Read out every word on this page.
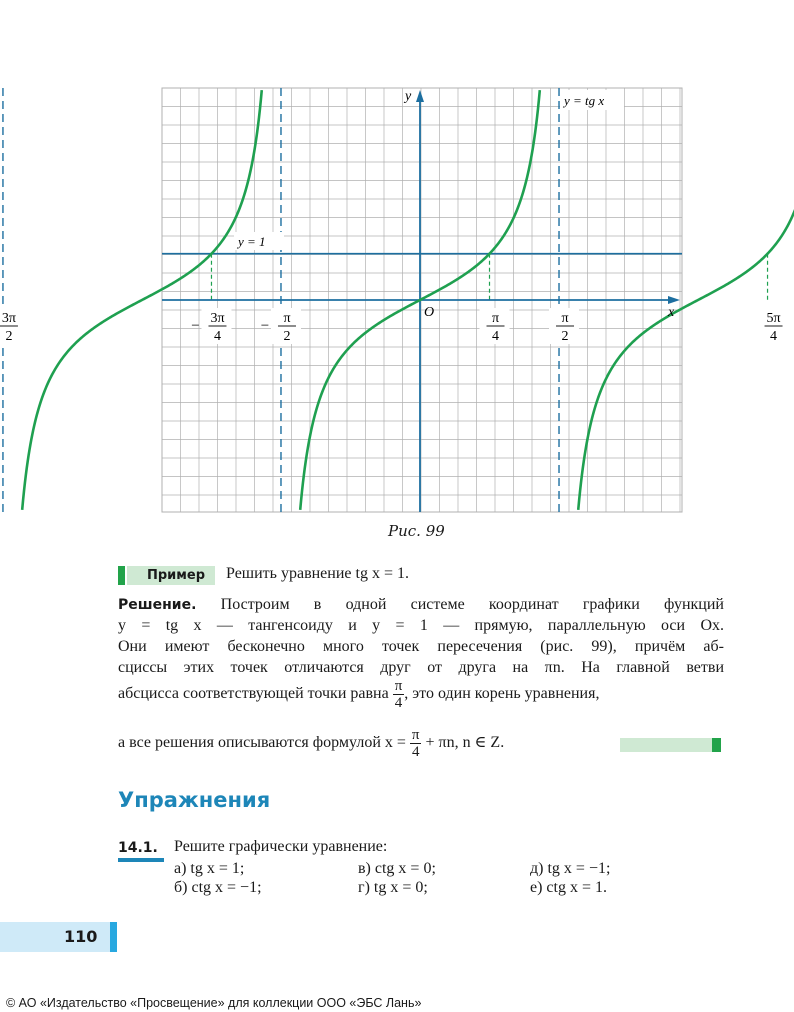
y
x
O
y = tg x
y = 1
3π
2
− 3π
4
− π
2
π
4
π
2
5π
4
Рис. 99
Пример	Решить уравнение tg x = 1.
Решение. Построим в одной системе координат графики функций
y = tg x — тангенсоиду и y = 1 — прямую, параллельную оси Ox.
Они имеют бесконечно много точек пересечения (рис. 99), причём аб-
сциссы этих точек отличаются друг от друга на πn. На главной ветви
абсцисса соответствующей точки равна $\frac{\pi}{4}$ , это один корень уравнения,
а все решения описываются формулой $x = \frac{\pi}{4} + \pi n$, n ∈ Z.
Упражнения
14.1. Решите графически уравнение:
а) tg x = 1;	в) ctg x = 0;	д) tg x = −1;
б) ctg x = −1;	г) tg x = 0;	е) ctg x = 1.
110
© АО «Издательство «Просвещение» для коллекции ООО «ЭБС Лань»
